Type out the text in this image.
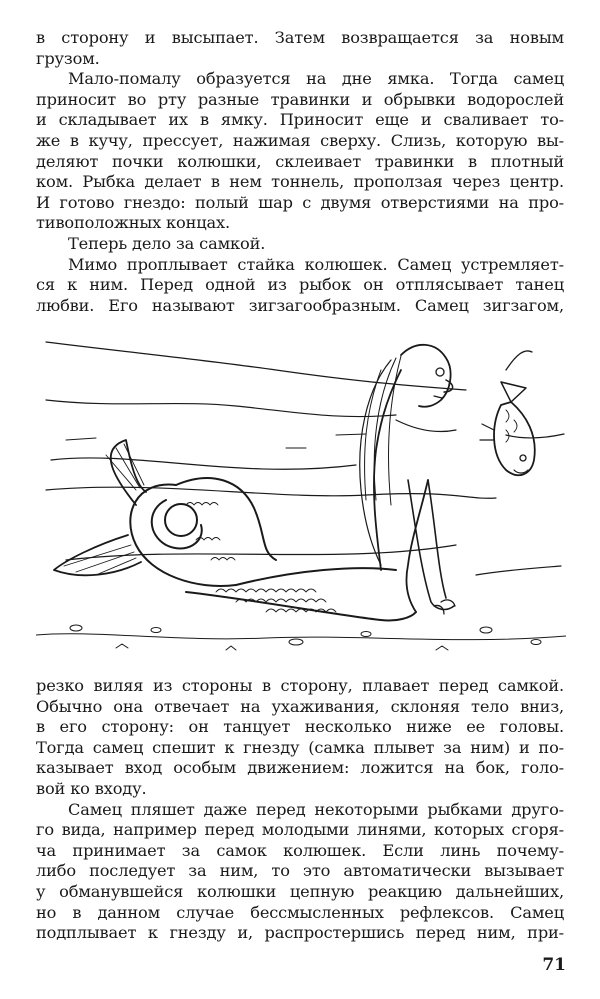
в сторону и высыпает. Затем возвращается за новым
грузом.

Мало-помалу образуется на дне ямка. Тогда самец
приносит во рту разные травинки и обрывки водорослей
и складывает их в ямку. Приносит еще и сваливает то-
же в кучу, прессует, нажимая сверху. Слизь, которую вы-
деляют почки колюшки, склеивает травинки в плотный
ком. Рыбка делает в нем тоннель, проползая через центр.
И готово гнездо: полый шар с двумя отверстиями на про-
тивоположных концах.

Теперь дело за самкой.

Мимо проплывает стайка колюшек. Самец устремляет-
ся к ним. Перед одной из рыбок он отплясывает танец
любви. Его называют зигзагообразным. Самец зигзагом,

резко виляя из стороны в сторону, плавает перед самкой.
Обычно она отвечает на ухаживания, склоняя тело вниз,
в его сторону: он танцует несколько ниже ее головы.
Тогда самец спешит к гнезду (самка плывет за ним) и по-
казывает вход особым движением: ложится на бок, голо-
вой ко входу.

Самец пляшет даже перед некоторыми рыбками друго-
го вида, например перед молодыми линями, которых сгоря-
ча принимает за самок колюшек. Если линь почему-
либо последует за ним, то это автоматически вызывает
у обманувшейся колюшки цепную реакцию дальнейших,
но в данном случае бессмысленных рефлексов. Самец
подплывает к гнезду и, распростершись перед ним, при-

71
